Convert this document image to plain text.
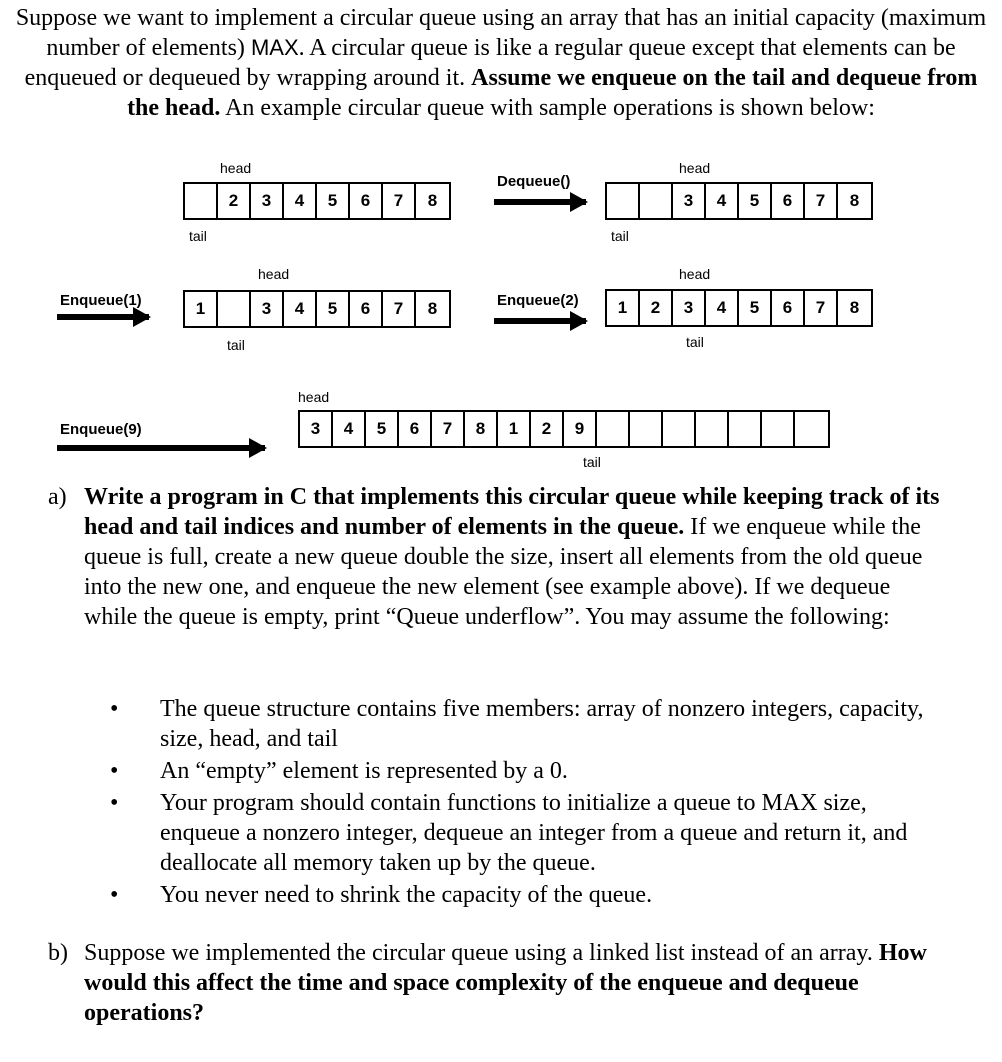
Suppose we want to implement a circular queue using an array that has an initial capacity (maximum number of elements) MAX. A circular queue is like a regular queue except that elements can be enqueued or dequeued by wrapping around it. Assume we enqueue on the tail and dequeue from the head. An example circular queue with sample operations is shown below:
head
2	3	4	5	6	7	8
tail
Dequeue()
head
3	4	5	6	7	8
tail
Enqueue(1)
head
1	3	4	5	6	7	8
tail
Enqueue(2)
head
1	2	3	4	5	6	7	8
tail
Enqueue(9)
head
3	4	5	6	7	8	1	2	9
tail
a) Write a program in C that implements this circular queue while keeping track of its head and tail indices and number of elements in the queue. If we enqueue while the queue is full, create a new queue double the size, insert all elements from the old queue into the new one, and enqueue the new element (see example above). If we dequeue while the queue is empty, print “Queue underflow”. You may assume the following:
• The queue structure contains five members: array of nonzero integers, capacity, size, head, and tail
• An “empty” element is represented by a 0.
• Your program should contain functions to initialize a queue to MAX size, enqueue a nonzero integer, dequeue an integer from a queue and return it, and deallocate all memory taken up by the queue.
• You never need to shrink the capacity of the queue.
b) Suppose we implemented the circular queue using a linked list instead of an array. How would this affect the time and space complexity of the enqueue and dequeue operations?
